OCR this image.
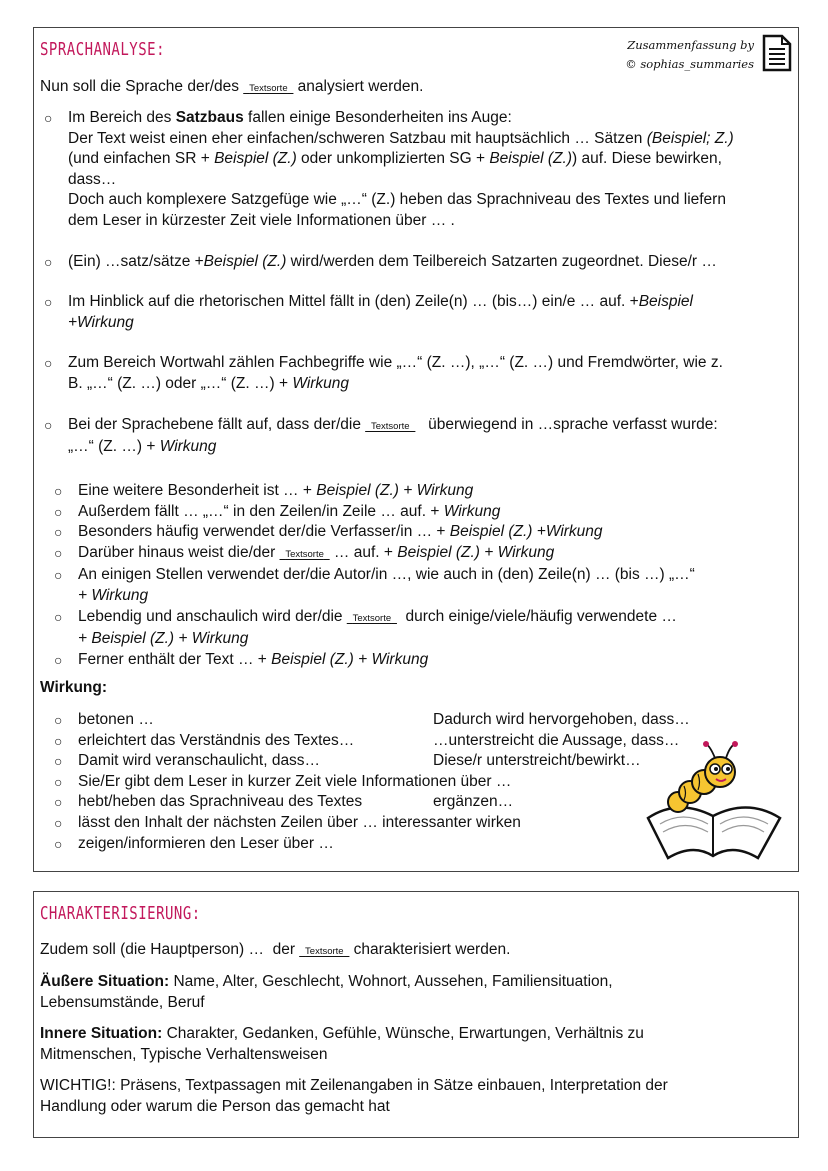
SPRACHANALYSE:	Zusammenfassung by
© sophias_summaries
Nun soll die Sprache der/des Textsorte analysiert werden.
○ Im Bereich des Satzbaus fallen einige Besonderheiten ins Auge:
Der Text weist einen eher einfachen/schweren Satzbau mit hauptsächlich … Sätzen (Beispiel; Z.)
(und einfachen SR + Beispiel (Z.) oder unkomplizierten SG + Beispiel (Z.)) auf. Diese bewirken,
dass…
Doch auch komplexere Satzgefüge wie „…“ (Z.) heben das Sprachniveau des Textes und liefern
dem Leser in kürzester Zeit viele Informationen über … .
○ (Ein) …satz/sätze +Beispiel (Z.) wird/werden dem Teilbereich Satzarten zugeordnet. Diese/r …
○ Im Hinblick auf die rhetorischen Mittel fällt in (den) Zeile(n) … (bis…) ein/e … auf. +Beispiel
+Wirkung
○ Zum Bereich Wortwahl zählen Fachbegriffe wie „…“ (Z. …), „…“ (Z. …) und Fremdwörter, wie z.
B. „…“ (Z. …) oder „…“ (Z. …) + Wirkung
○ Bei der Sprachebene fällt auf, dass der/die Textsorte   überwiegend in …sprache verfasst wurde:
„…“ (Z. …) + Wirkung
○ Eine weitere Besonderheit ist … + Beispiel (Z.) + Wirkung
○ Außerdem fällt … „…“ in den Zeilen/in Zeile … auf. + Wirkung
○ Besonders häufig verwendet der/die Verfasser/in … + Beispiel (Z.) +Wirkung
○ Darüber hinaus weist die/der Textsorte … auf. + Beispiel (Z.) + Wirkung
○ An einigen Stellen verwendet der/die Autor/in …, wie auch in (den) Zeile(n) … (bis …) „…“
+ Wirkung
○ Lebendig und anschaulich wird der/die Textsorte  durch einige/viele/häufig verwendete …
+ Beispiel (Z.) + Wirkung
○ Ferner enthält der Text … + Beispiel (Z.) + Wirkung
Wirkung:
○ betonen …
○ erleichtert das Verständnis des Textes…
○ Damit wird veranschaulicht, dass…
○ Sie/Er gibt dem Leser in kurzer Zeit viele Informationen über …
○ hebt/heben das Sprachniveau des Textes
○ lässt den Inhalt der nächsten Zeilen über … interessanter wirken
○ zeigen/informieren den Leser über …
Dadurch wird hervorgehoben, dass…
…unterstreicht die Aussage, dass…
Diese/r unterstreicht/bewirkt…
ergänzen…
CHARAKTERISIERUNG:
Zudem soll (die Hauptperson) …  der Textsorte charakterisiert werden.
Äußere Situation: Name, Alter, Geschlecht, Wohnort, Aussehen, Familiensituation,
Lebensumstände, Beruf
Innere Situation: Charakter, Gedanken, Gefühle, Wünsche, Erwartungen, Verhältnis zu
Mitmenschen, Typische Verhaltensweisen
WICHTIG!: Präsens, Textpassagen mit Zeilenangaben in Sätze einbauen, Interpretation der
Handlung oder warum die Person das gemacht hat
